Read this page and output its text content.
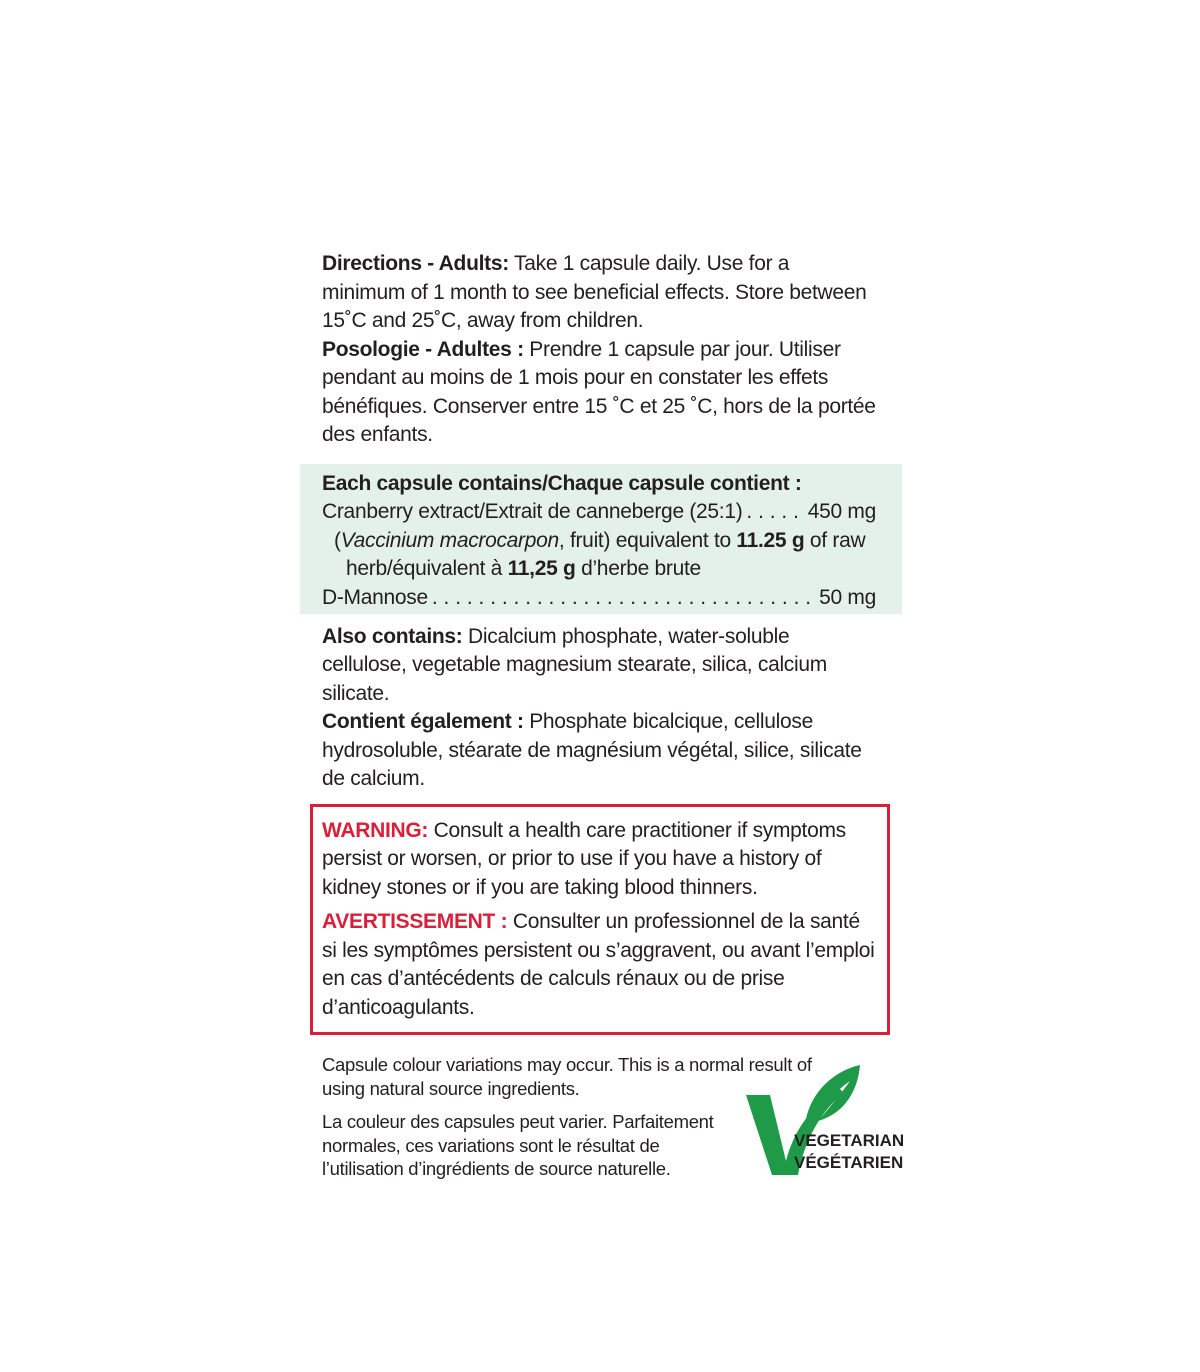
Directions - Adults: Take 1 capsule daily. Use for a minimum of 1 month to see beneficial effects. Store between 15˚C and 25˚C, away from children.
Posologie - Adultes : Prendre 1 capsule par jour. Utiliser pendant au moins de 1 mois pour en constater les effets bénéfiques. Conserver entre 15 ˚C et 25 ˚C, hors de la portée des enfants.
Each capsule contains/Chaque capsule contient :
Cranberry extract/Extrait de canneberge (25:1) . . .	450 mg
(Vaccinium macrocarpon, fruit) equivalent to 11.25 g of raw
herb/équivalent à 11,25 g d’herbe brute
D-Mannose . . .	50 mg
Also contains: Dicalcium phosphate, water-soluble cellulose, vegetable magnesium stearate, silica, calcium silicate.
Contient également : Phosphate bicalcique, cellulose hydrosoluble, stéarate de magnésium végétal, silice, silicate de calcium.

WARNING: Consult a health care practitioner if symptoms persist or worsen, or prior to use if you have a history of kidney stones or if you are taking blood thinners.

AVERTISSEMENT : Consulter un professionnel de la santé si les symptômes persistent ou s’aggravent, ou avant l’emploi en cas d’antécédents de calculs rénaux ou de prise d’anticoagulants.

Capsule colour variations may occur. This is a normal result of using natural source ingredients.

La couleur des capsules peut varier. Parfaitement normales, ces variations sont le résultat de l’utilisation d’ingrédients de source naturelle.

VEGETARIAN
VÉGÉTARIEN
